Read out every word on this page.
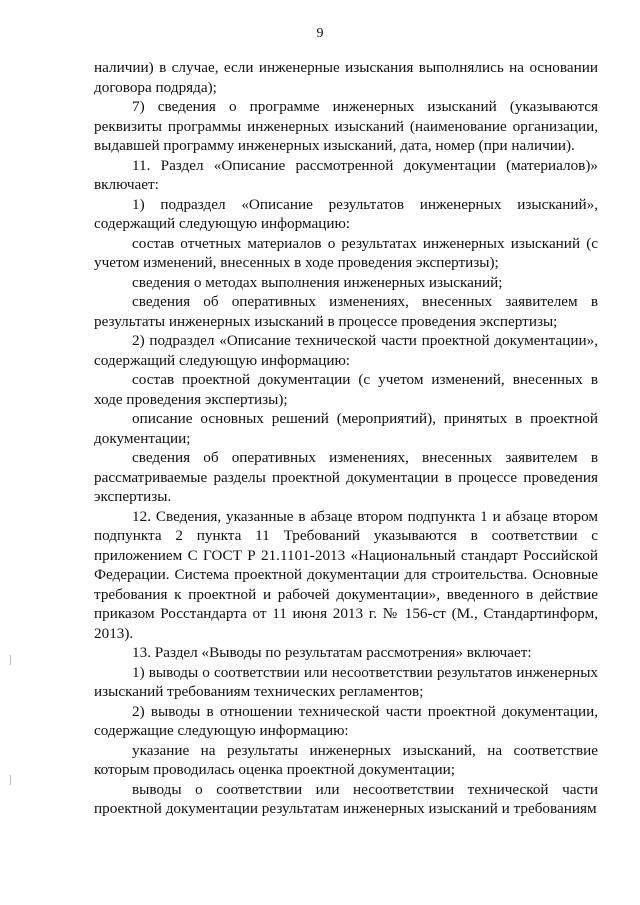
9

наличии) в случае, если инженерные изыскания выполнялись на основании договора подряда);

7) сведения о программе инженерных изысканий (указываются реквизиты программы инженерных изысканий (наименование организации, выдавшей программу инженерных изысканий, дата, номер (при наличии).

11. Раздел «Описание рассмотренной документации (материалов)» включает:

1) подраздел «Описание результатов инженерных изысканий», содержащий следующую информацию:

состав отчетных материалов о результатах инженерных изысканий (с учетом изменений, внесенных в ходе проведения экспертизы);

сведения о методах выполнения инженерных изысканий;

сведения об оперативных изменениях, внесенных заявителем в результаты инженерных изысканий в процессе проведения экспертизы;

2) подраздел «Описание технической части проектной документации», содержащий следующую информацию:

состав проектной документации (с учетом изменений, внесенных в ходе проведения экспертизы);

описание основных решений (мероприятий), принятых в проектной документации;

сведения об оперативных изменениях, внесенных заявителем в рассматриваемые разделы проектной документации в процессе проведения экспертизы.

12. Сведения, указанные в абзаце втором подпункта 1 и абзаце втором подпункта 2 пункта 11 Требований указываются в соответствии с приложением С ГОСТ Р 21.1101-2013 «Национальный стандарт Российской Федерации. Система проектной документации для строительства. Основные требования к проектной и рабочей документации», введенного в действие приказом Росстандарта от 11 июня 2013 г. № 156-ст (М., Стандартинформ, 2013).

13. Раздел «Выводы по результатам рассмотрения» включает:

1) выводы о соответствии или несоответствии результатов инженерных изысканий требованиям технических регламентов;

2) выводы в отношении технической части проектной документации, содержащие следующую информацию:

указание на результаты инженерных изысканий, на соответствие которым проводилась оценка проектной документации;

выводы о соответствии или несоответствии технической части проектной документации результатам инженерных изысканий и требованиям
